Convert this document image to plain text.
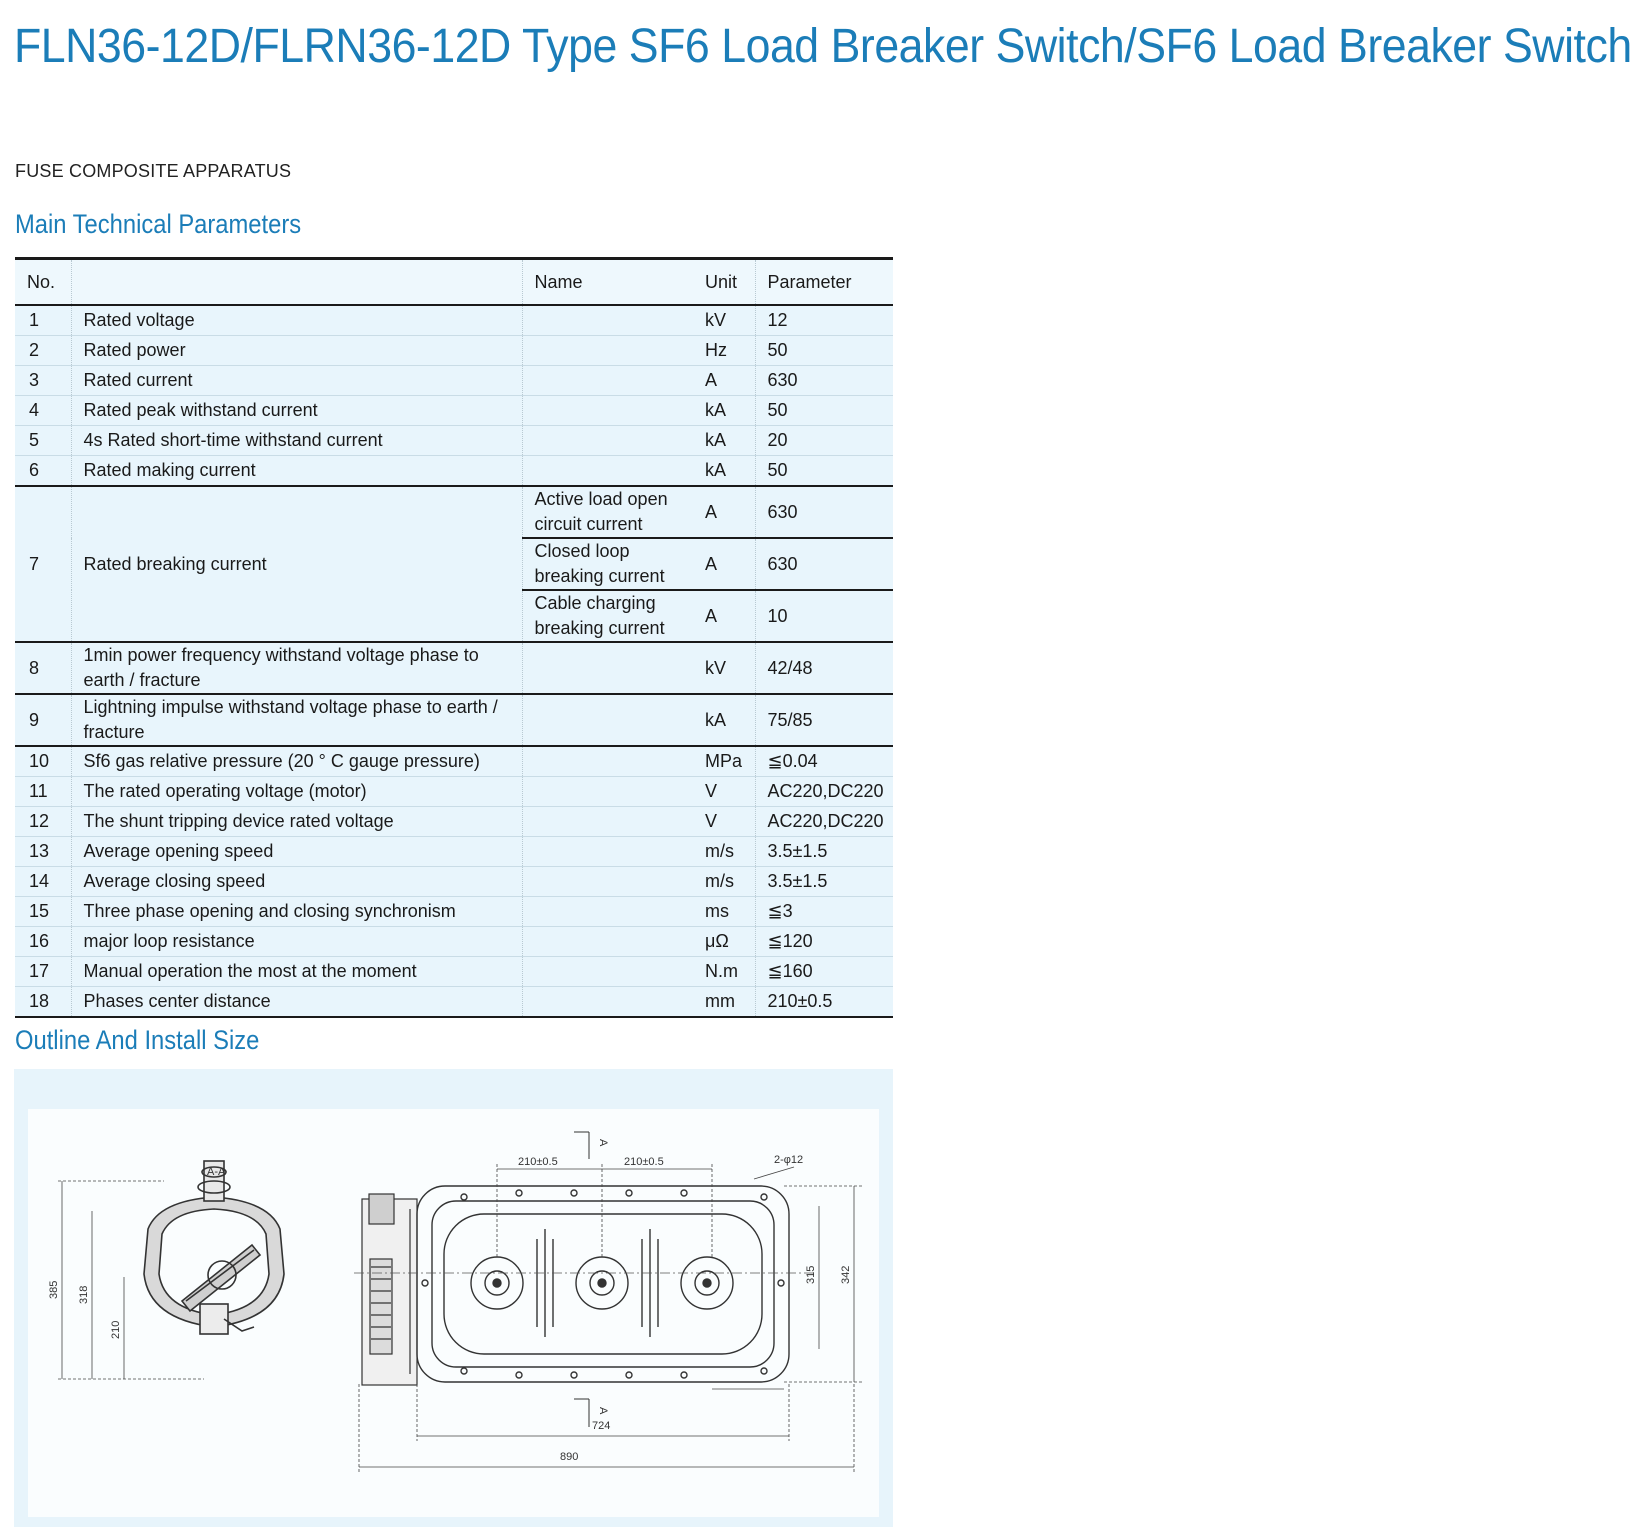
FLN36-12D/FLRN36-12D Type SF6 Load Breaker Switch/SF6 Load Breaker Switch
FUSE COMPOSITE APPARATUS
Main Technical Parameters
No.		Name	Unit	Parameter
1	Rated voltage		kV	12
2	Rated power		Hz	50
3	Rated current		A	630
4	Rated peak withstand current		kA	50
5	4s Rated short-time withstand current		kA	20
6	Rated making current		kA	50
7	Rated breaking current	Active load open circuit current	A	630
		Closed loop breaking current	A	630
		Cable charging breaking current	A	10
8	1min power frequency withstand voltage phase to earth / fracture		kV	42/48
9	Lightning impulse withstand voltage phase to earth / fracture		kA	75/85
10	Sf6 gas relative pressure (20 ° C gauge pressure)		MPa	≦0.04
11	The rated operating voltage (motor)		V	AC220,DC220
12	The shunt tripping device rated voltage		V	AC220,DC220
13	Average opening speed		m/s	3.5±1.5
14	Average closing speed		m/s	3.5±1.5
15	Three phase opening and closing synchronism		ms	≦3
16	major loop resistance		μΩ	≦120
17	Manual operation the most at the moment		N.m	≦160
18	Phases center distance		mm	210±0.5
Outline And Install Size
A-A
385 318
210
A
A
210±0.5	210±0.5	2-φ12
315 342
724
890
